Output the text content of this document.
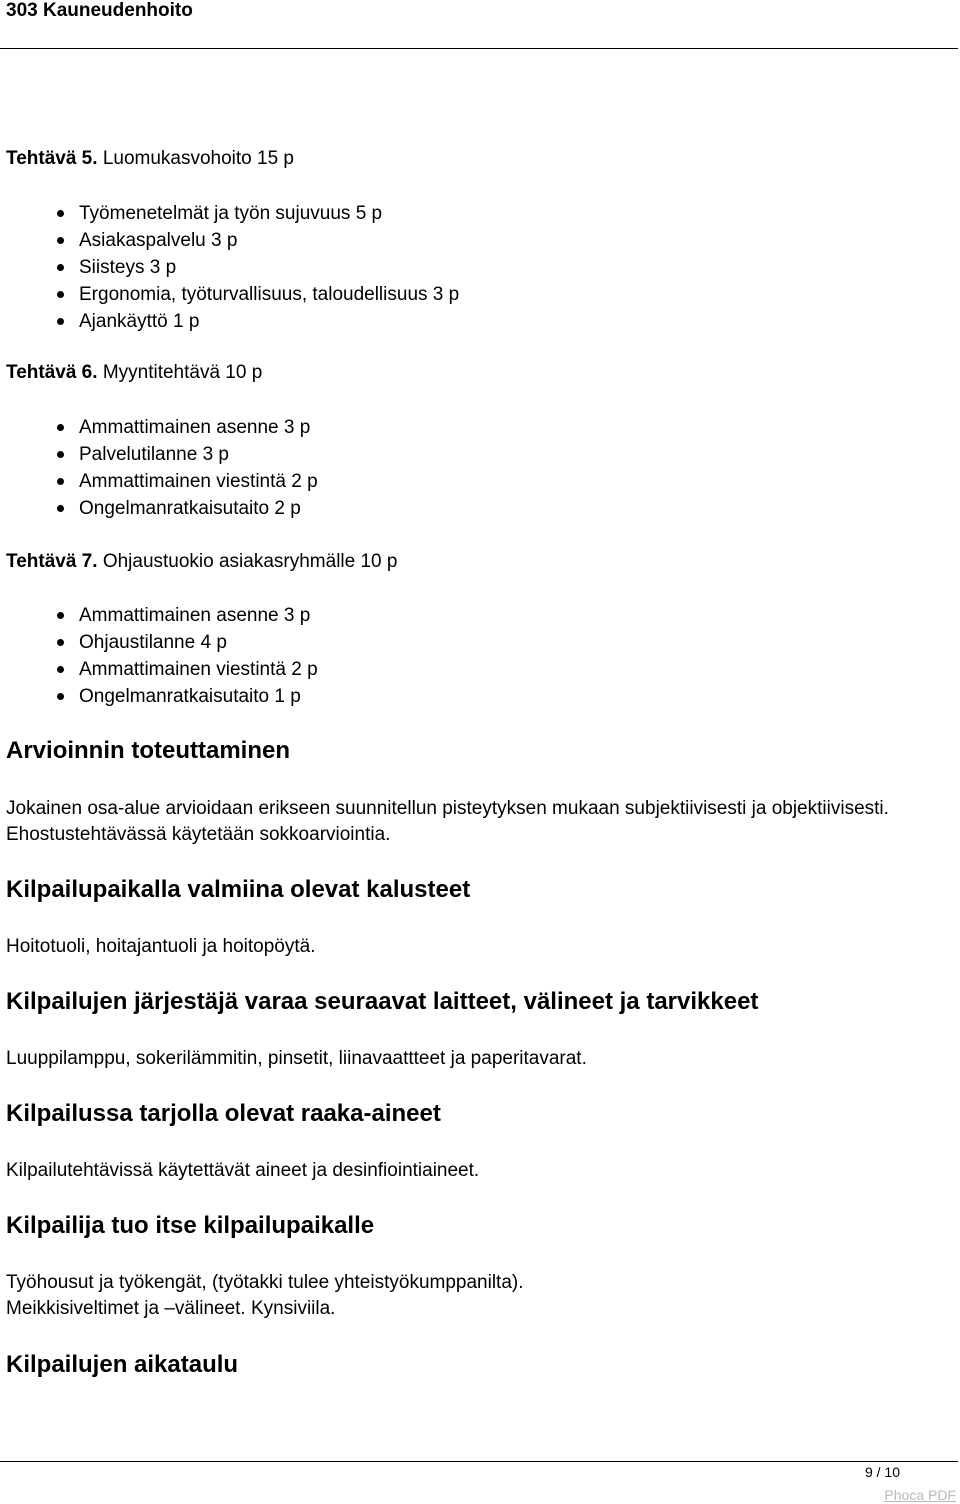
303 Kauneudenhoito

Tehtävä 5. Luomukasvohoito 15 p

Työmenetelmät ja työn sujuvuus 5 p
Asiakaspalvelu 3 p
Siisteys 3 p
Ergonomia, työturvallisuus, taloudellisuus 3 p
Ajankäyttö 1 p

Tehtävä 6. Myyntitehtävä 10 p

Ammattimainen asenne 3 p
Palvelutilanne 3 p
Ammattimainen viestintä 2 p
Ongelmanratkaisutaito 2 p

Tehtävä 7. Ohjaustuokio asiakasryhmälle 10 p

Ammattimainen asenne 3 p
Ohjaustilanne 4 p
Ammattimainen viestintä 2 p
Ongelmanratkaisutaito 1 p
Arvioinnin toteuttaminen

Jokainen osa-alue arvioidaan erikseen suunnitellun pisteytyksen mukaan subjektiivisesti ja objektiivisesti. Ehostustehtävässä käytetään sokkoarviointia.

Kilpailupaikalla valmiina olevat kalusteet

Hoitotuoli, hoitajantuoli ja hoitopöytä.

Kilpailujen järjestäjä varaa seuraavat laitteet, välineet ja tarvikkeet

Luuppilamppu, sokerilämmitin, pinsetit, liinavaattteet ja paperitavarat.

Kilpailussa tarjolla olevat raaka-aineet

Kilpailutehtävissä käytettävät aineet ja desinfiointiaineet.

Kilpailija tuo itse kilpailupaikalle

Työhousut ja työkengät, (työtakki tulee yhteistyökumppanilta).

Meikkisiveltimet ja –välineet. Kynsiviila.

Kilpailujen aikataulu
9 / 10
Phoca PDF
